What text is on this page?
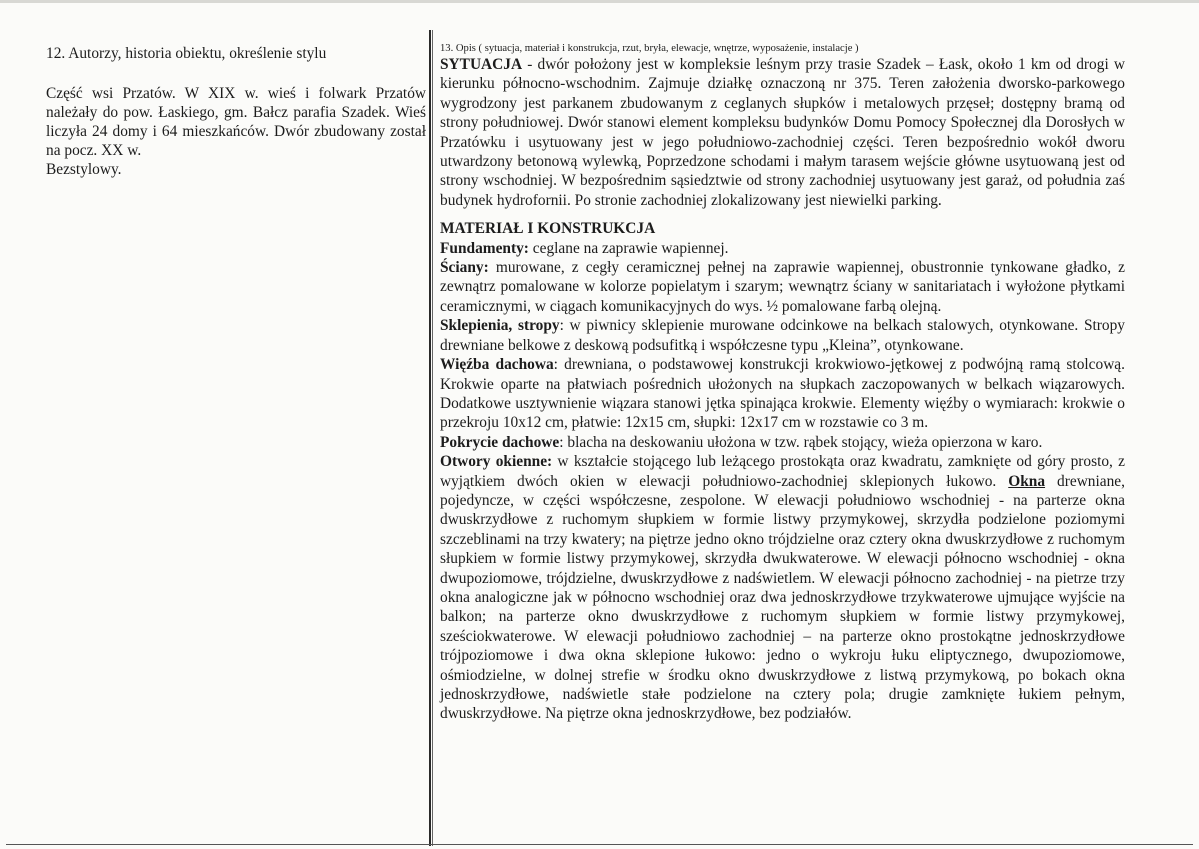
12. Autorzy, historia obiektu, określenie stylu

Część wsi Przatów. W XIX w. wieś i folwark Przatów należały do pow. Łaskiego, gm. Bałcz parafia Szadek. Wieś liczyła 24 domy i 64 mieszkańców. Dwór zbudowany został na pocz. XX w.

Bezstylowy.

13. Opis ( sytuacja, materiał i konstrukcja, rzut, bryła, elewacje, wnętrze, wyposażenie, instalacje )

SYTUACJA - dwór położony jest w kompleksie leśnym przy trasie Szadek – Łask, około 1 km od drogi w kierunku północno-wschodnim. Zajmuje działkę oznaczoną nr 375. Teren założenia dworsko-parkowego wygrodzony jest parkanem zbudowanym z ceglanych słupków i metalowych przęseł; dostępny bramą od strony południowej. Dwór stanowi element kompleksu budynków Domu Pomocy Społecznej dla Dorosłych w Przatówku i usytuowany jest w jego południowo-zachodniej części. Teren bezpośrednio wokół dworu utwardzony betonową wylewką, Poprzedzone schodami i małym tarasem wejście główne usytuowaną jest od strony wschodniej. W bezpośrednim sąsiedztwie od strony zachodniej usytuowany jest garaż, od południa zaś budynek hydrofornii. Po stronie zachodniej zlokalizowany jest niewielki parking.

MATERIAŁ I KONSTRUKCJA

Fundamenty: ceglane na zaprawie wapiennej.

Ściany: murowane, z cegły ceramicznej pełnej na zaprawie wapiennej, obustronnie tynkowane gładko, z zewnątrz pomalowane w kolorze popielatym i szarym; wewnątrz ściany w sanitariatach i wyłożone płytkami ceramicznymi, w ciągach komunikacyjnych do wys. ½ pomalowane farbą olejną.

Sklepienia, stropy: w piwnicy sklepienie murowane odcinkowe na belkach stalowych, otynkowane. Stropy drewniane belkowe z deskową podsufitką i współczesne typu „Kleina”, otynkowane.

Więźba dachowa: drewniana, o podstawowej konstrukcji krokwiowo-jętkowej z podwójną ramą stolcową. Krokwie oparte na płatwiach pośrednich ułożonych na słupkach zaczopowanych w belkach wiązarowych. Dodatkowe usztywnienie wiązara stanowi jętka spinająca krokwie. Elementy więźby o wymiarach: krokwie o przekroju 10x12 cm, płatwie: 12x15 cm, słupki: 12x17 cm w rozstawie co 3 m.

Pokrycie dachowe: blacha na deskowaniu ułożona w tzw. rąbek stojący, wieża opierzona w karo.

Otwory okienne: w kształcie stojącego lub leżącego prostokąta oraz kwadratu, zamknięte od góry prosto, z wyjątkiem dwóch okien w elewacji południowo-zachodniej sklepionych łukowo. Okna drewniane, pojedyncze, w części współczesne, zespolone. W elewacji południowo wschodniej - na parterze okna dwuskrzydłowe z ruchomym słupkiem w formie listwy przymykowej, skrzydła podzielone poziomymi szczeblinami na trzy kwatery; na piętrze jedno okno trójdzielne oraz cztery okna dwuskrzydłowe z ruchomym słupkiem w formie listwy przymykowej, skrzydła dwukwaterowe. W elewacji północno wschodniej - okna dwupoziomowe, trójdzielne, dwuskrzydłowe z nadświetlem. W elewacji północno zachodniej - na pietrze trzy okna analogiczne jak w północno wschodniej oraz dwa jednoskrzydłowe trzykwaterowe ujmujące wyjście na balkon; na parterze okno dwuskrzydłowe z ruchomym słupkiem w formie listwy przymykowej, sześciokwaterowe. W elewacji południowo zachodniej – na parterze okno prostokątne jednoskrzydłowe trójpoziomowe i dwa okna sklepione łukowo: jedno o wykroju łuku eliptycznego, dwupoziomowe, ośmiodzielne, w dolnej strefie w środku okno dwuskrzydłowe z listwą przymykową, po bokach okna jednoskrzydłowe, nadświetle stałe podzielone na cztery pola; drugie zamknięte łukiem pełnym, dwuskrzydłowe. Na piętrze okna jednoskrzydłowe, bez podziałów.
